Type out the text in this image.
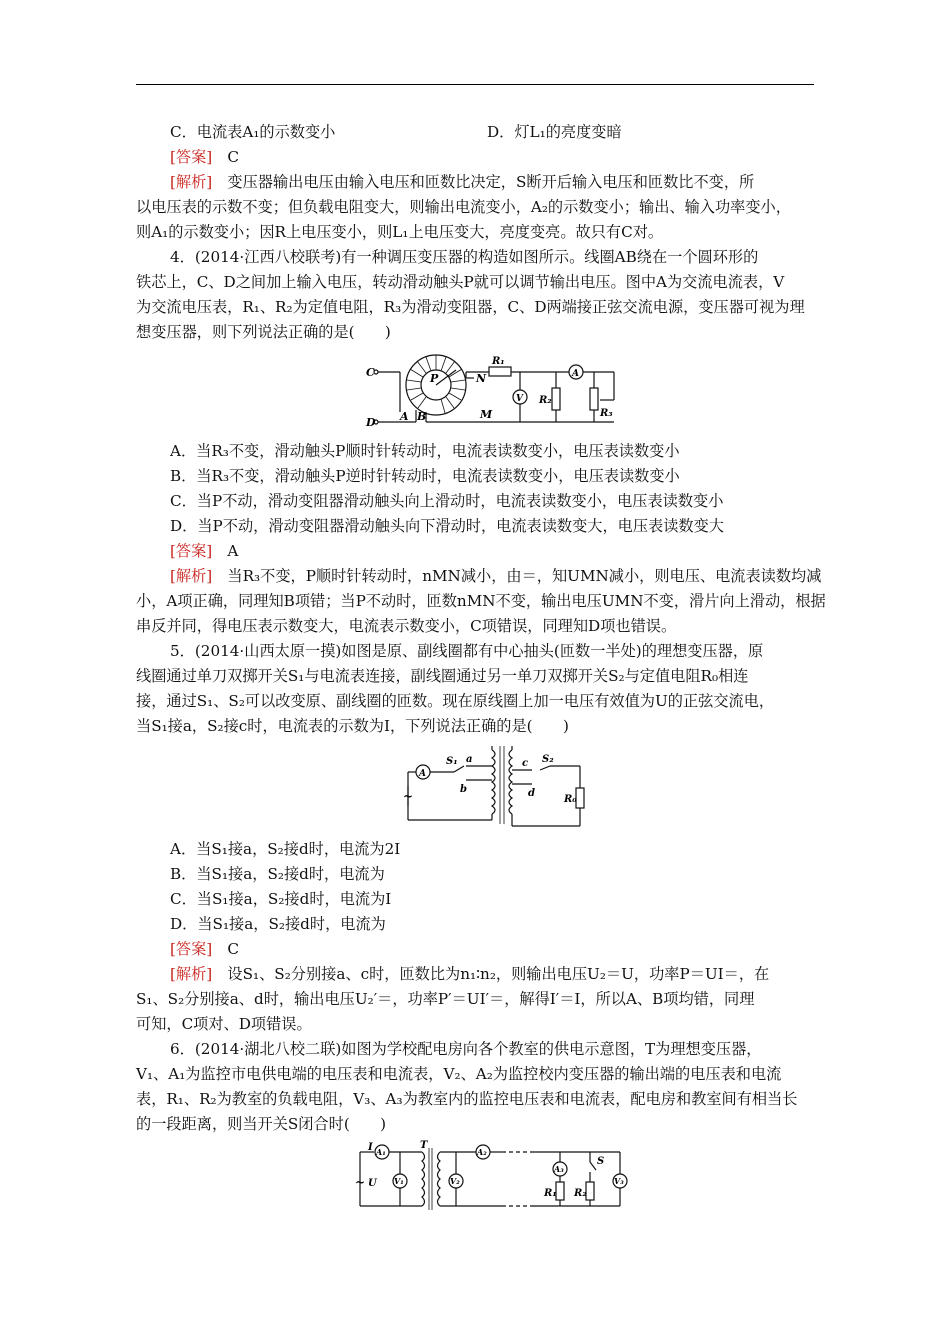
C．电流表A₁的示数变小	D．灯L₁的亮度变暗
[答案]　 C
[解析]　 变压器输出电压由输入电压和匝数比决定，S断开后输入电压和匝数比不变，所
以电压表的示数不变；但负载电阻变大，则输出电流变小，A₂的示数变小；输出、输入功率变小，
则A₁的示数变小；因R上电压变小，则L₁上电压变大，亮度变亮。故只有C对。
4．(2014·江西八校联考)有一种调压变压器的构造如图所示。线圈AB绕在一个圆环形的
铁芯上，C、D之间加上输入电压，转动滑动触头P就可以调节输出电压。图中A为交流电流表，V
为交流电压表，R₁、R₂为定值电阻，R₃为滑动变阻器，C、D两端接正弦交流电源，变压器可视为理
想变压器，则下列说法正确的是(　　)
C
D A B
P	N
M
R₁
V R₂
A
R₃
A．当R₃不变，滑动触头P顺时针转动时，电流表读数变小，电压表读数变小
B．当R₃不变，滑动触头P逆时针转动时，电流表读数变小，电压表读数变小
C．当P不动，滑动变阻器滑动触头向上滑动时，电流表读数变小，电压表读数变小
D．当P不动，滑动变阻器滑动触头向下滑动时，电流表读数变大，电压表读数变大
[答案]　 A
[解析]　 当R₃不变，P顺时针转动时，nMN减小，由＝，知UMN减小，则电压、电流表读数均减
小，A项正确，同理知B项错；当P不动时，匝数nMN不变，输出电压UMN不变，滑片向上滑动，根据
串反并同，得电压表示数变大，电流表示数变小，C项错误，同理知D项也错误。
5．(2014·山西太原一摸)如图是原、副线圈都有中心抽头(匝数一半处)的理想变压器，原
线圈通过单刀双掷开关S₁与电流表连接，副线圈通过另一单刀双掷开关S₂与定值电阻R₀相连
接，通过S₁、S₂可以改变原、副线圈的匝数。现在原线圈上加一电压有效值为U的正弦交流电，
当S₁接a，S₂接c时，电流表的示数为I，下列说法正确的是(　　)
A
S₁ a
b
c S₂
d
R₀
~
A．当S₁接a，S₂接d时，电流为2I
B．当S₁接a，S₂接d时，电流为
C．当S₁接a，S₂接d时，电流为I
D．当S₁接a，S₂接d时，电流为
[答案]　 C
[解析]　 设S₁、S₂分别接a、c时，匝数比为n₁∶n₂，则输出电压U₂＝U，功率P＝UI＝，在
S₁、S₂分别接a、d时，输出电压U₂′＝，功率P′＝UI′＝，解得I′＝I，所以A、B项均错，同理
可知，C项对、D项错误。
6．(2014·湖北八校二联)如图为学校配电房向各个教室的供电示意图，T为理想变压器，
V₁、A₁为监控市电供电端的电压表和电流表，V₂、A₂为监控校内变压器的输出端的电压表和电流
表，R₁、R₂为教室的负载电阻，V₃、A₃为教室内的监控电压表和电流表，配电房和教室间有相当长
的一段距离，则当开关S闭合时(　　)
I
U
~
T
A₁
V₁	V₂
A₂
A₃
R₁ R₂
S
V₃
